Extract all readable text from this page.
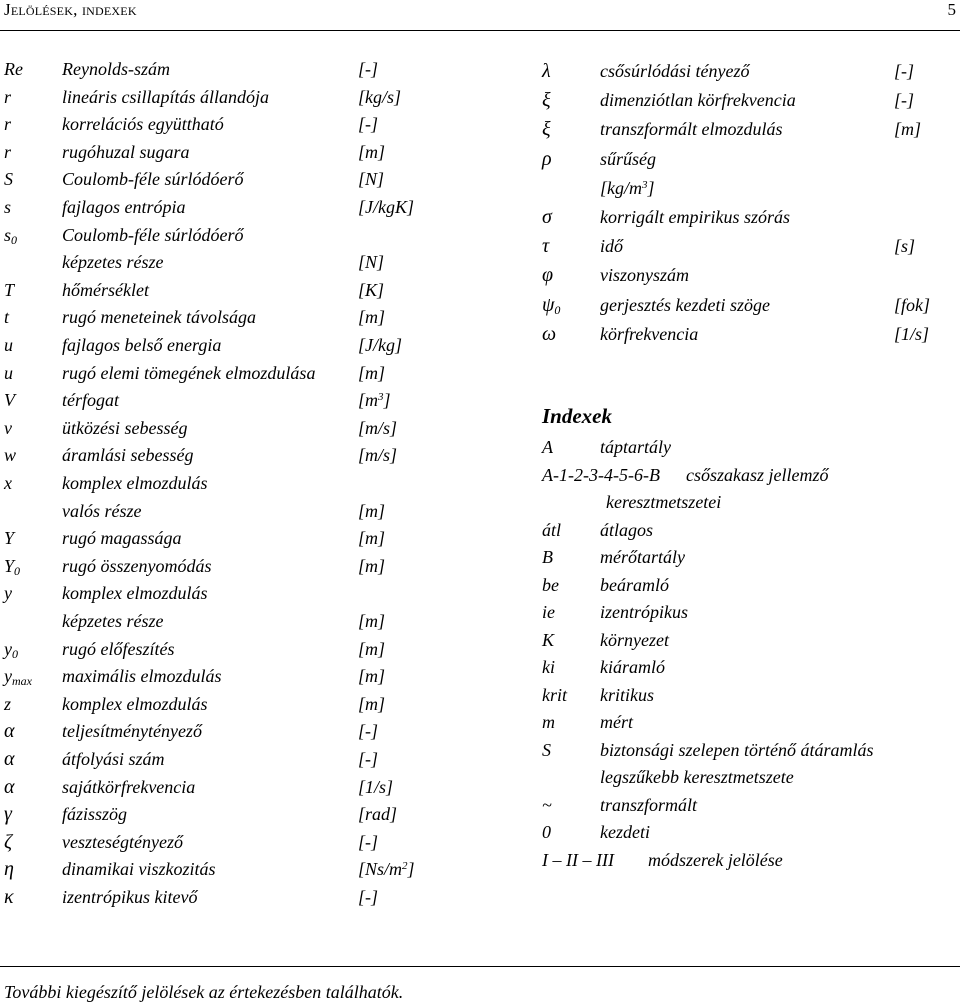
Jelölések, indexek	5
Re Reynolds-szám	[-]
r	lineáris csillapítás állandója	[kg/s]
r	korrelációs együttható	[-]
r	rugóhuzal sugara	[m]
S	Coulomb-féle súrlódóerő	[N]
s	fajlagos entrópia	[J/kgK]
$s_0$ Coulomb-féle súrlódóerő
képzetes része	[N]
T	hőmérséklet	[K]
t	rugó meneteinek távolsága	[m]
u	fajlagos belső energia	[J/kg]
u	rugó elemi tömegének elmozdulása [m]
V	térfogat	$[m^3]$
v	ütközési sebesség	[m/s]
w	áramlási sebesség	[m/s]
x	komplex elmozdulás
valós része	[m]
Y	rugó magassága	[m]
$Y_0$ rugó összenyomódás	[m]
y	komplex elmozdulás
képzetes része	[m]
$y_0$ rugó előfeszítés	[m]
$y_{max}$ maximális elmozdulás	[m]
z	komplex elmozdulás	[m]
α	teljesítménytényező	[-]
α	átfolyási szám	[-]
α	sajátkörfrekvencia	[1/s]
γ	fázisszög	[rad]
ζ	veszteségtényező	[-]
η	dinamikai viszkozitás	$[Ns/m^2]$
κ	izentrópikus kitevő	[-]
λ	csősúrlódási tényező	[-]
ξ	dimenziótlan körfrekvencia	[-]
ξ	transzformált elmozdulás	[m]
ρ	sűrűség
$[kg/m^3]$
σ	korrigált empirikus szórás
τ	idő	[s]
φ	viszonyszám
$\psi_0$ gerjesztés kezdeti szöge	[fok]
ω körfrekvencia	[1/s]
Indexek
A	táptartály
A-1-2-3-4-5-6-B csőszakasz jellemző
keresztmetszetei
átl átlagos
B	mérőtartály
be beáramló
ie	izentrópikus
K	környezet
ki	kiáramló
krit kritikus
m	mért
S	biztonsági szelepen történő átáramlás
legszűkebb keresztmetszete
~	transzformált
0	kezdeti
I – II – III módszerek jelölése
További kiegészítő jelölések az értekezésben találhatók.
